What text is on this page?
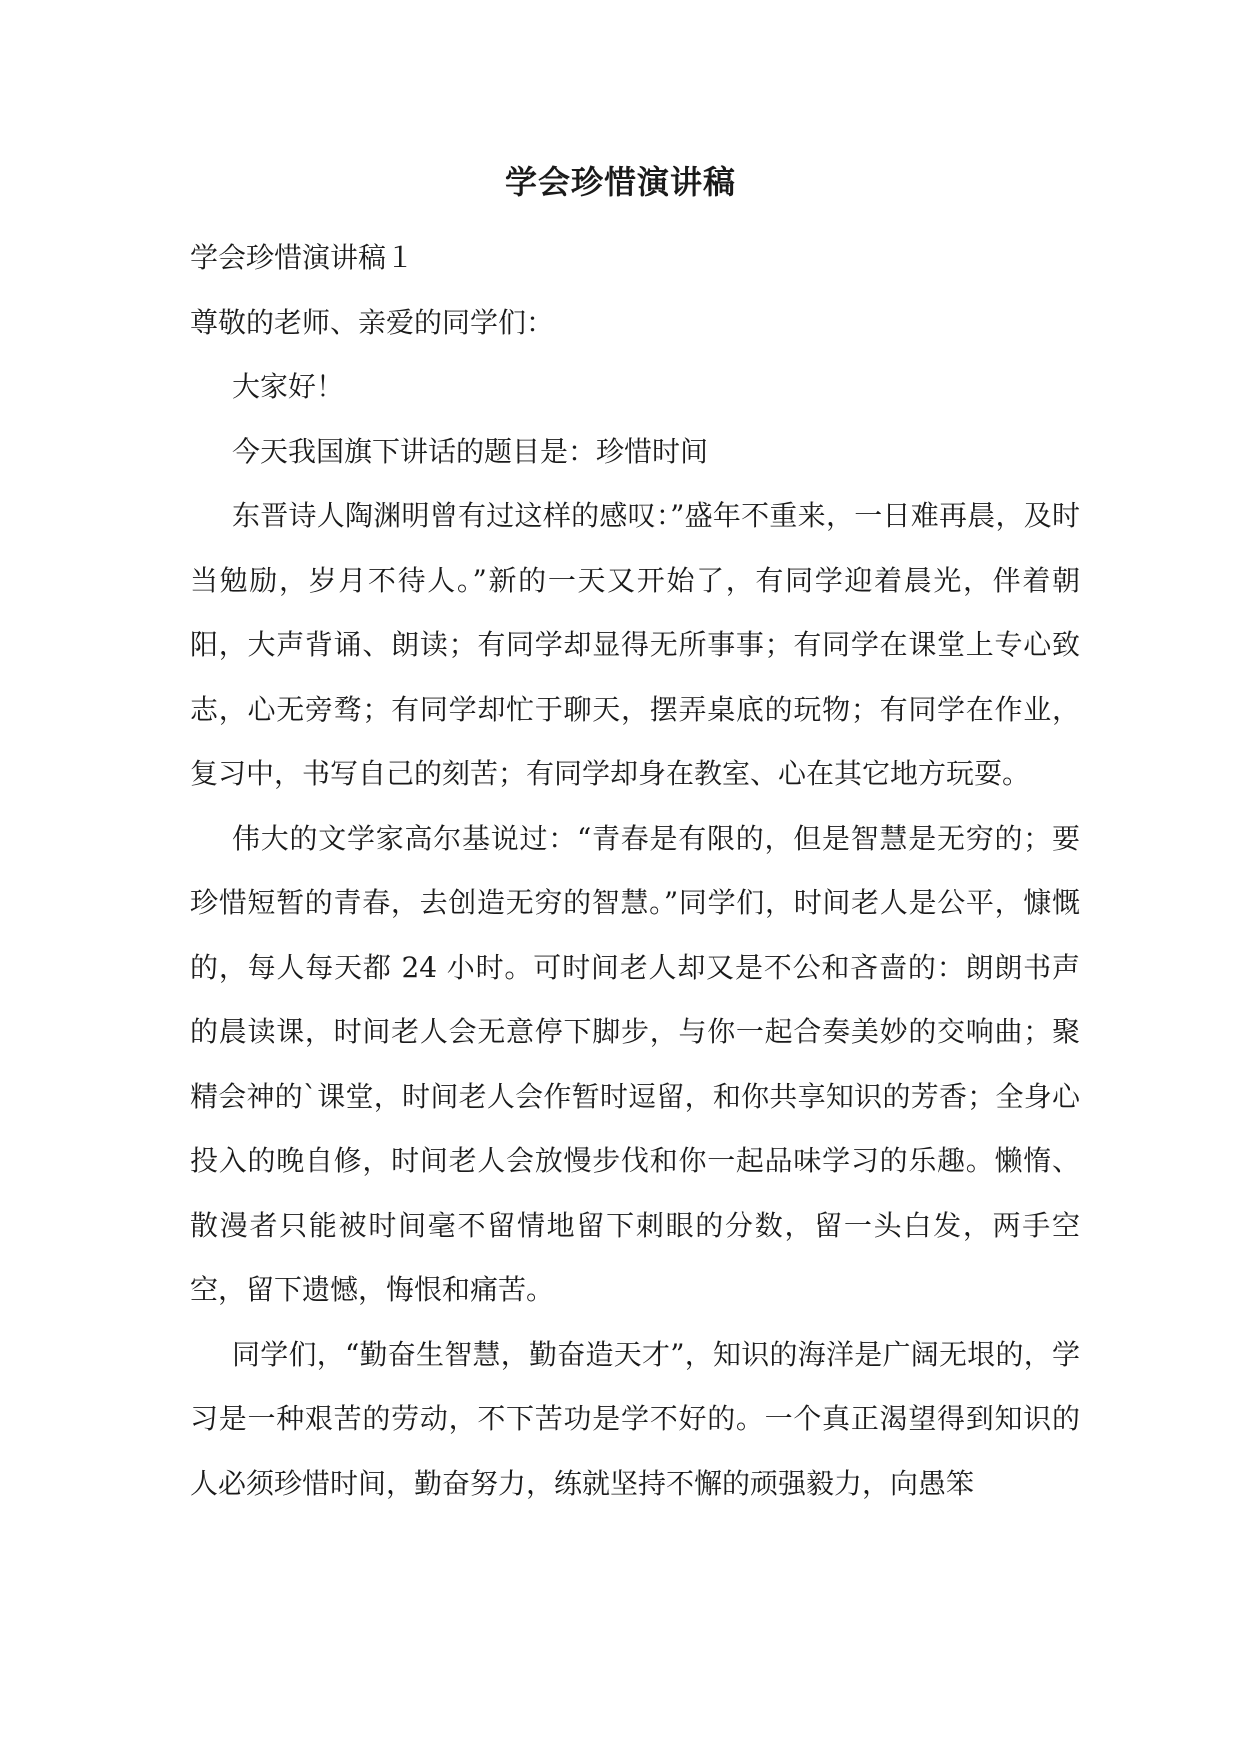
学会珍惜演讲稿

学会珍惜演讲稿１

尊敬的老师、亲爱的同学们：

大家好！

今天我国旗下讲话的题目是：珍惜时间

东晋诗人陶渊明曾有过这样的感叹：”盛年不重来，一日难再晨，及时当勉励，岁月不待人。”新的一天又开始了，有同学迎着晨光，伴着朝阳，大声背诵、朗读；有同学却显得无所事事；有同学在课堂上专心致志，心无旁骛；有同学却忙于聊天，摆弄桌底的玩物；有同学在作业，复习中，书写自己的刻苦；有同学却身在教室、心在其它地方玩耍。

伟大的文学家高尔基说过：“青春是有限的，但是智慧是无穷的；要珍惜短暂的青春，去创造无穷的智慧。”同学们，时间老人是公平，慷慨的，每人每天都 24 小时。可时间老人却又是不公和吝啬的：朗朗书声的晨读课，时间老人会无意停下脚步，与你一起合奏美妙的交响曲；聚精会神的`课堂，时间老人会作暂时逗留，和你共享知识的芳香；全身心投入的晚自修，时间老人会放慢步伐和你一起品味学习的乐趣。懒惰、散漫者只能被时间毫不留情地留下刺眼的分数，留一头白发，两手空空，留下遗憾，悔恨和痛苦。

同学们，“勤奋生智慧，勤奋造天才”，知识的海洋是广阔无垠的，学习是一种艰苦的劳动，不下苦功是学不好的。一个真正渴望得到知识的人必须珍惜时间，勤奋努力，练就坚持不懈的顽强毅力，向愚笨
